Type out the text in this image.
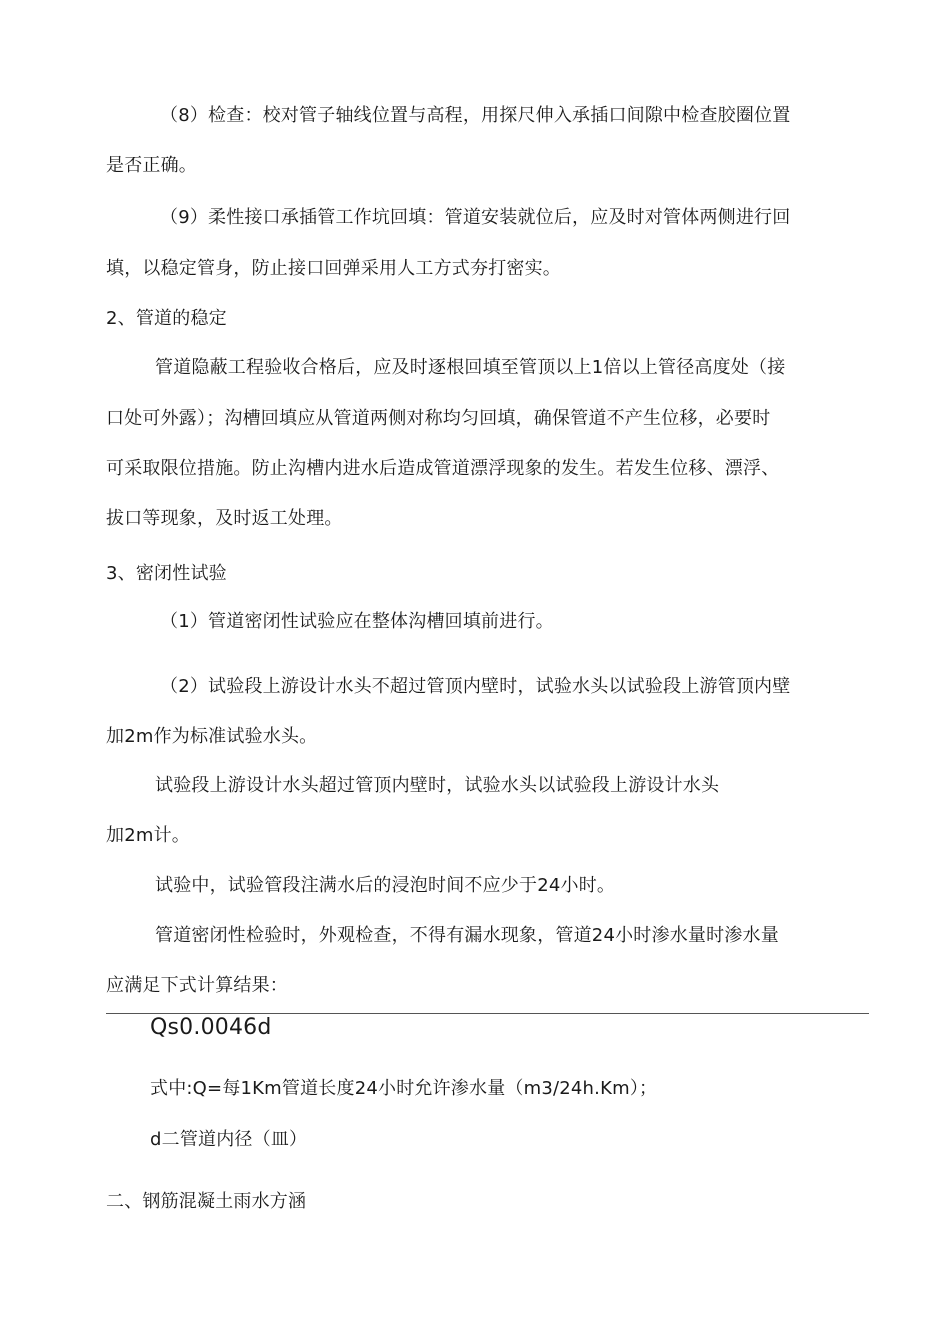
（8）检查：校对管子轴线位置与高程，用探尺伸入承插口间隙中检查胶圈位置
是否正确。
（9）柔性接口承插管工作坑回填：管道安装就位后，应及时对管体两侧进行回
填，以稳定管身，防止接口回弹采用人工方式夯打密实。
2、管道的稳定
管道隐蔽工程验收合格后，应及时逐根回填至管顶以上1倍以上管径高度处（接
口处可外露）；沟槽回填应从管道两侧对称均匀回填，确保管道不产生位移，必要时
可采取限位措施。防止沟槽内进水后造成管道漂浮现象的发生。若发生位移、漂浮、
拔口等现象，及时返工处理。
3、密闭性试验
（1）管道密闭性试验应在整体沟槽回填前进行。
（2）试验段上游设计水头不超过管顶内壁时，试验水头以试验段上游管顶内壁
加2m作为标准试验水头。
试验段上游设计水头超过管顶内壁时，试验水头以试验段上游设计水头
加2m计。
试验中，试验管段注满水后的浸泡时间不应少于24小时。
管道密闭性检验时，外观检查，不得有漏水现象，管道24小时渗水量时渗水量
应满足下式计算结果：
Qs0.0046d
式中:Q=每1Km管道长度24小时允许渗水量（m3/24h.Km）；
d二管道内径（皿）
二、钢筋混凝土雨水方涵
